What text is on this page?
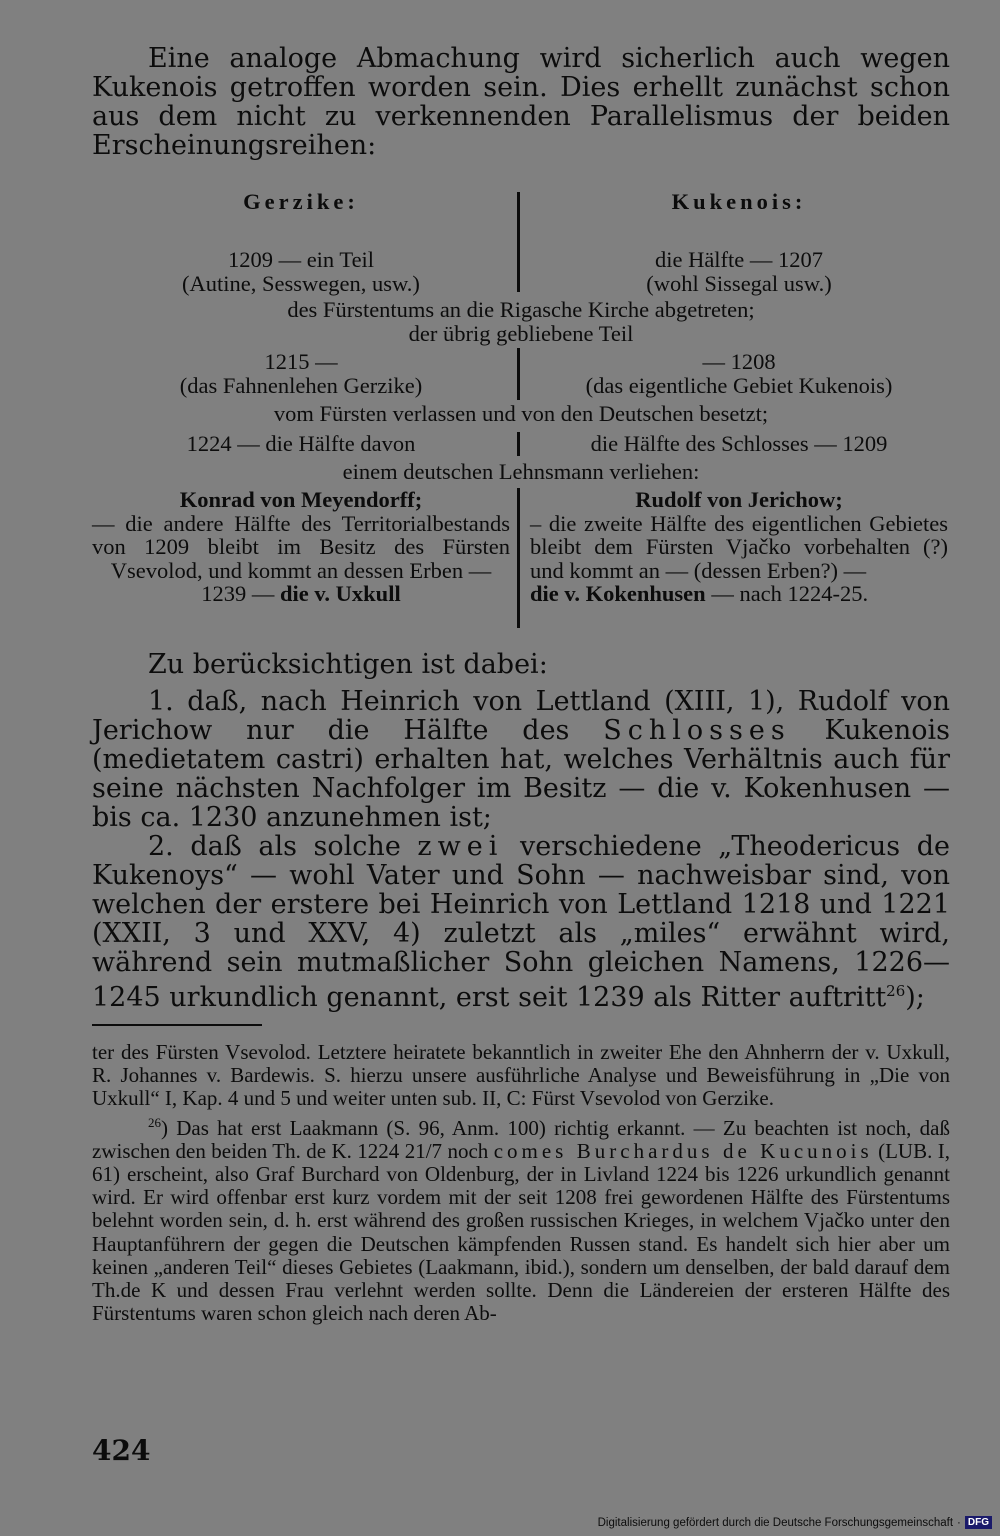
Eine analoge Abmachung wird sicherlich auch wegen Kukenois getroffen worden sein. Dies erhellt zunächst schon aus dem nicht zu verkennenden Parallelismus der beiden Erscheinungsreihen:

Gerzike:	Kukenois:
1209 — ein Teil
(Autine, Sesswegen, usw.)
die Hälfte — 1207
(wohl Sissegal usw.)
des Fürstentums an die Rigasche Kirche abgetreten;
der übrig gebliebene Teil
1215 —
(das Fahnenlehen Gerzike)
— 1208
(das eigentliche Gebiet Kukenois)
vom Fürsten verlassen und von den Deutschen besetzt;
1224 — die Hälfte davon	die Hälfte des Schlosses — 1209
einem deutschen Lehnsmann verliehen:
Konrad von Meyendorff;
— die andere Hälfte des Territorialbestands von 1209 bleibt im Besitz des Fürsten Vsevolod, und kommt an dessen Erben —
1239 — die v. Uxkull
Rudolf von Jerichow;
– die zweite Hälfte des eigentlichen Gebietes bleibt dem Fürsten Vjačko vorbehalten (?) und kommt an — (dessen Erben?) —
die v. Kokenhusen — nach 1224-25.

Zu berücksichtigen ist dabei:

1. daß, nach Heinrich von Lettland (XIII, 1), Rudolf von Jerichow nur die Hälfte des Schlosses Kukenois (medietatem castri) erhalten hat, welches Verhältnis auch für seine nächsten Nachfolger im Besitz — die v. Kokenhusen — bis ca. 1230 anzunehmen ist;

2. daß als solche zwei verschiedene „Theodericus de Kukenoys“ — wohl Vater und Sohn — nachweisbar sind, von welchen der erstere bei Heinrich von Lettland 1218 und 1221 (XXII, 3 und XXV, 4) zuletzt als „miles“ erwähnt wird, während sein mutmaßlicher Sohn gleichen Namens, 1226—1245 urkundlich genannt, erst seit 1239 als Ritter auftritt$^{26}$);

ter des Fürsten Vsevolod. Letztere heiratete bekanntlich in zweiter Ehe den Ahnherrn der v. Uxkull, R. Johannes v. Bardewis. S. hierzu unsere ausführliche Analyse und Beweisführung in „Die von Uxkull“ I, Kap. 4 und 5 und weiter unten sub. II, C: Fürst Vsevolod von Gerzike.

$^{26}$) Das hat erst Laakmann (S. 96, Anm. 100) richtig erkannt. — Zu beachten ist noch, daß zwischen den beiden Th. de K. 1224 21/7 noch comes Burchardus de Kucunois (LUB. I, 61) erscheint, also Graf Burchard von Oldenburg, der in Livland 1224 bis 1226 urkundlich genannt wird. Er wird offenbar erst kurz vordem mit der seit 1208 frei gewordenen Hälfte des Fürstentums belehnt worden sein, d. h. erst während des großen russischen Krieges, in welchem Vjačko unter den Hauptanführern der gegen die Deutschen kämpfenden Russen stand. Es handelt sich hier aber um keinen „anderen Teil“ dieses Gebietes (Laakmann, ibid.), sondern um denselben, der bald darauf dem Th.de K und dessen Frau verlehnt werden sollte. Denn die Ländereien der ersteren Hälfte des Fürstentums waren schon gleich nach deren Ab-

424
Digitalisierung gefördert durch die Deutsche Forschungsgemeinschaft · DFG
